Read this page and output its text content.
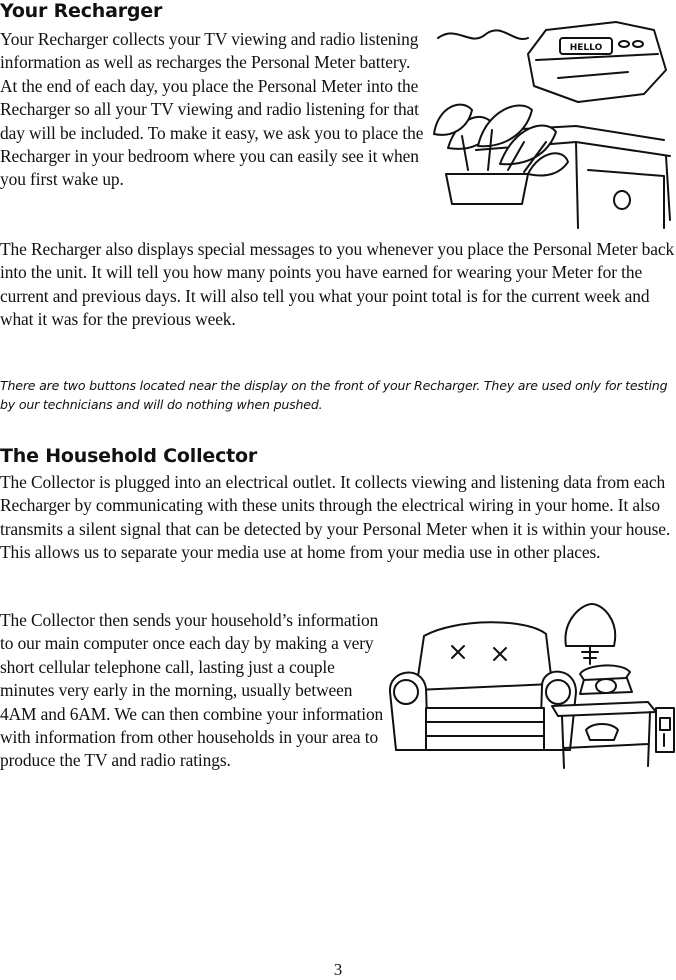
Your Recharger

Your Recharger collects your TV viewing and radio listening information as well as recharges the Personal Meter battery. At the end of each day, you place the Personal Meter into the Recharger so all your TV viewing and radio listening for that day will be included. To make it easy, we ask you to place the Recharger in your bedroom where you can easily see it when you first wake up.

HELLO

The Recharger also displays special messages to you whenever you place the Personal Meter back into the unit. It will tell you how many points you have earned for wearing your Meter for the current and previous days. It will also tell you what your point total is for the current week and what it was for the previous week.

There are two buttons located near the display on the front of your Recharger. They are used only for testing by our technicians and will do nothing when pushed.
The Household Collector

The Collector is plugged into an electrical outlet. It collects viewing and listening data from each Recharger by communicating with these units through the electrical wiring in your home. It also transmits a silent signal that can be detected by your Personal Meter when it is within your house. This allows us to separate your media use at home from your media use in other places.

The Collector then sends your household’s information to our main computer once each day by making a very short cellular telephone call, lasting just a couple minutes very early in the morning, usually between 4AM and 6AM. We can then combine your information with information from other households in your area to produce the TV and radio ratings.

3
